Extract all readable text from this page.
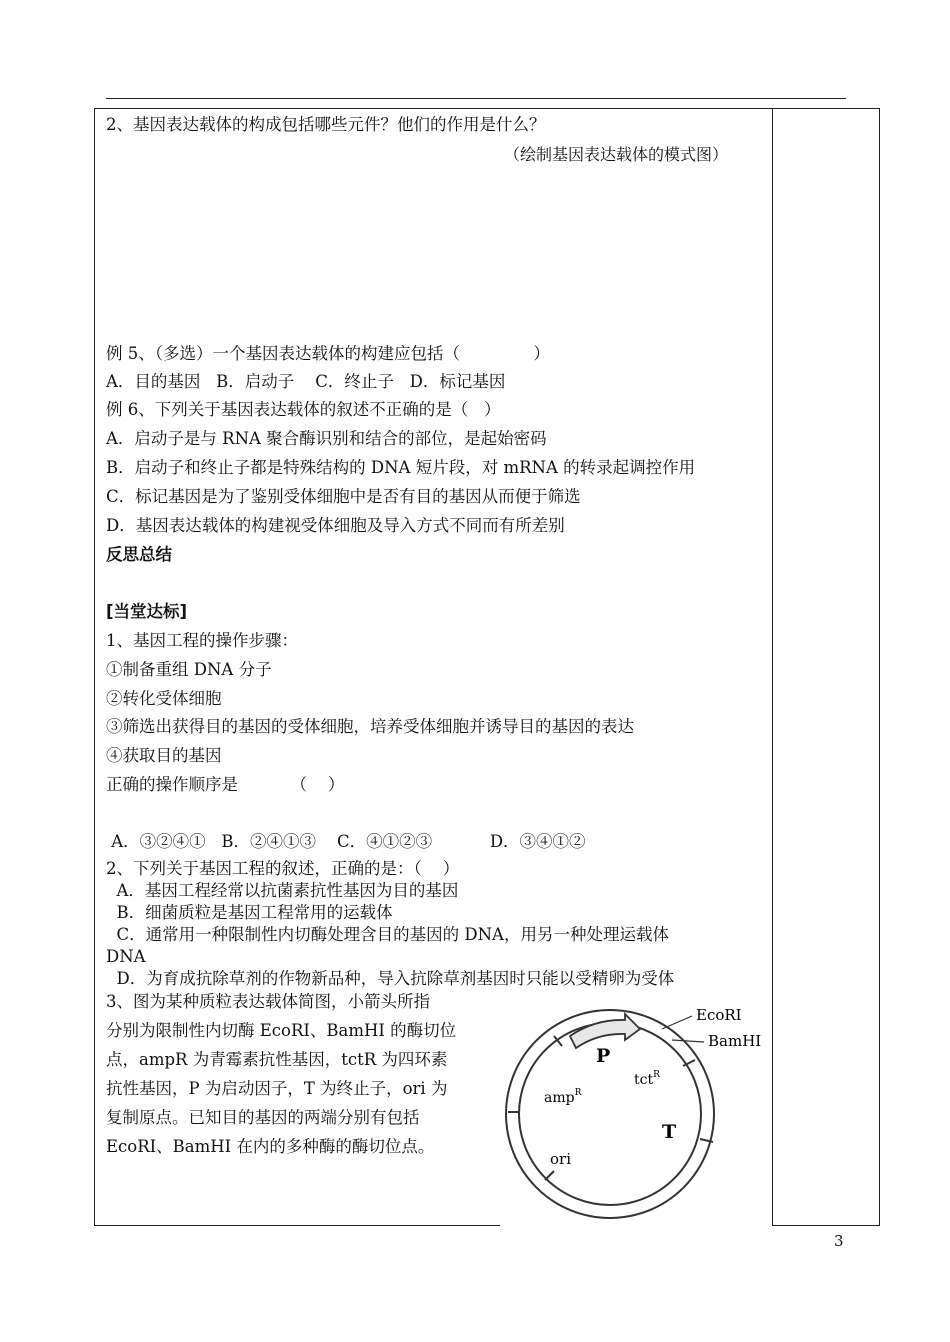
2、基因表达载体的构成包括哪些元件？他们的作用是什么？
（绘制基因表达载体的模式图）
例 5、（多选）一个基因表达载体的构建应包括（              ）
A．目的基因   B．启动子    C．终止子   D．标记基因
例 6、下列关于基因表达载体的叙述不正确的是（   ）
A．启动子是与 RNA 聚合酶识别和结合的部位，是起始密码
B．启动子和终止子都是特殊结构的 DNA 短片段，对 mRNA 的转录起调控作用
C．标记基因是为了鉴别受体细胞中是否有目的基因从而便于筛选
D．基因表达载体的构建视受体细胞及导入方式不同而有所差别
反思总结
[当堂达标]
1、基因工程的操作步骤：
①制备重组 DNA 分子
②转化受体细胞
③筛选出获得目的基因的受体细胞，培养受体细胞并诱导目的基因的表达
④获取目的基因
正确的操作顺序是          （    ）
A．③②④①   B．②④①③    C．④①②③           D．③④①②
2、下列关于基因工程的叙述，正确的是：（    ）
A．基因工程经常以抗菌素抗性基因为目的基因
B．细菌质粒是基因工程常用的运载体
C．通常用一种限制性内切酶处理含目的基因的 DNA，用另一种处理运载体
DNA
D．为育成抗除草剂的作物新品种，导入抗除草剂基因时只能以受精卵为受体
3、图为某种质粒表达载体简图，小箭头所指
分别为限制性内切酶 EcoRI、BamHI 的酶切位
点，ampR 为青霉素抗性基因，tctR 为四环素
抗性基因，P 为启动因子，T 为终止子，ori 为
复制原点。已知目的基因的两端分别有包括
EcoRI、BamHI 在内的多种酶的酶切位点。
EcoRI
BamHI
P
tct$^R$
amp$^R$
T
ori
3
